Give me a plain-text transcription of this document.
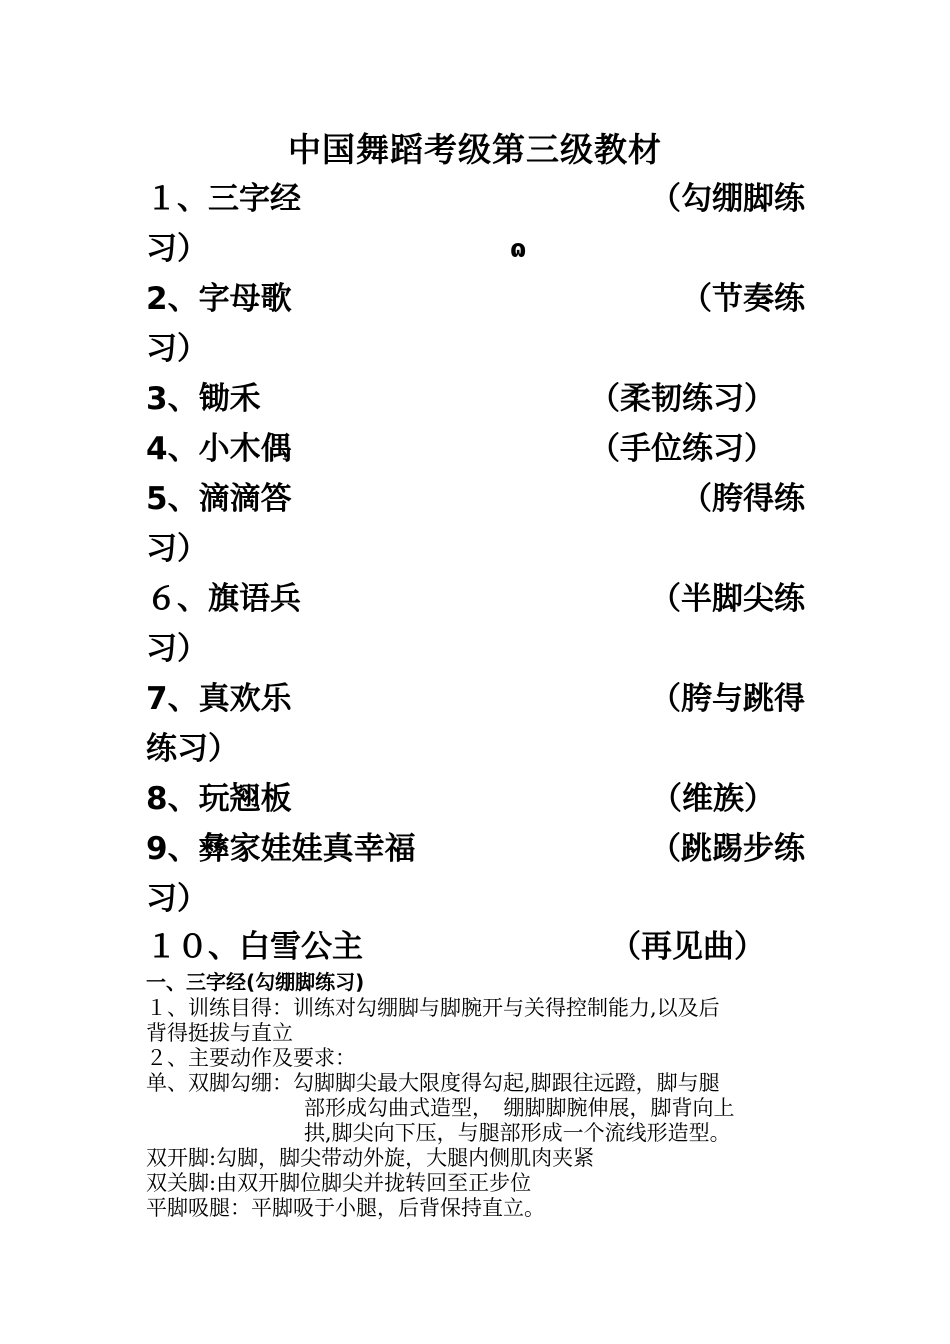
中国舞蹈考级第三级教材
１、三字经	（勾绷脚练
习）	ɷ
2、字母歌	（节奏练
习）
3、锄禾	（柔韧练习）
4、小木偶	（手位练习）
5、滴滴答	（胯得练
习）
６、旗语兵	（半脚尖练
习）
7、真欢乐	（胯与跳得
练习）
8、玩翘板	（维族）
9、彝家娃娃真幸福	（跳踢步练
习）
１０、白雪公主	（再见曲）
一、三字经(勾绷脚练习)
１、训练目得：训练对勾绷脚与脚腕开与关得控制能力,以及后
背得挺拔与直立
２、主要动作及要求：
单、双脚勾绷：勾脚脚尖最大限度得勾起,脚跟往远蹬，脚与腿
部形成勾曲式造型，　绷脚脚腕伸展，脚背向上
拱,脚尖向下压，与腿部形成一个流线形造型。
双开脚:勾脚，脚尖带动外旋，大腿内侧肌肉夹紧
双关脚:由双开脚位脚尖并拢转回至正步位
平脚吸腿：平脚吸于小腿，后背保持直立。
